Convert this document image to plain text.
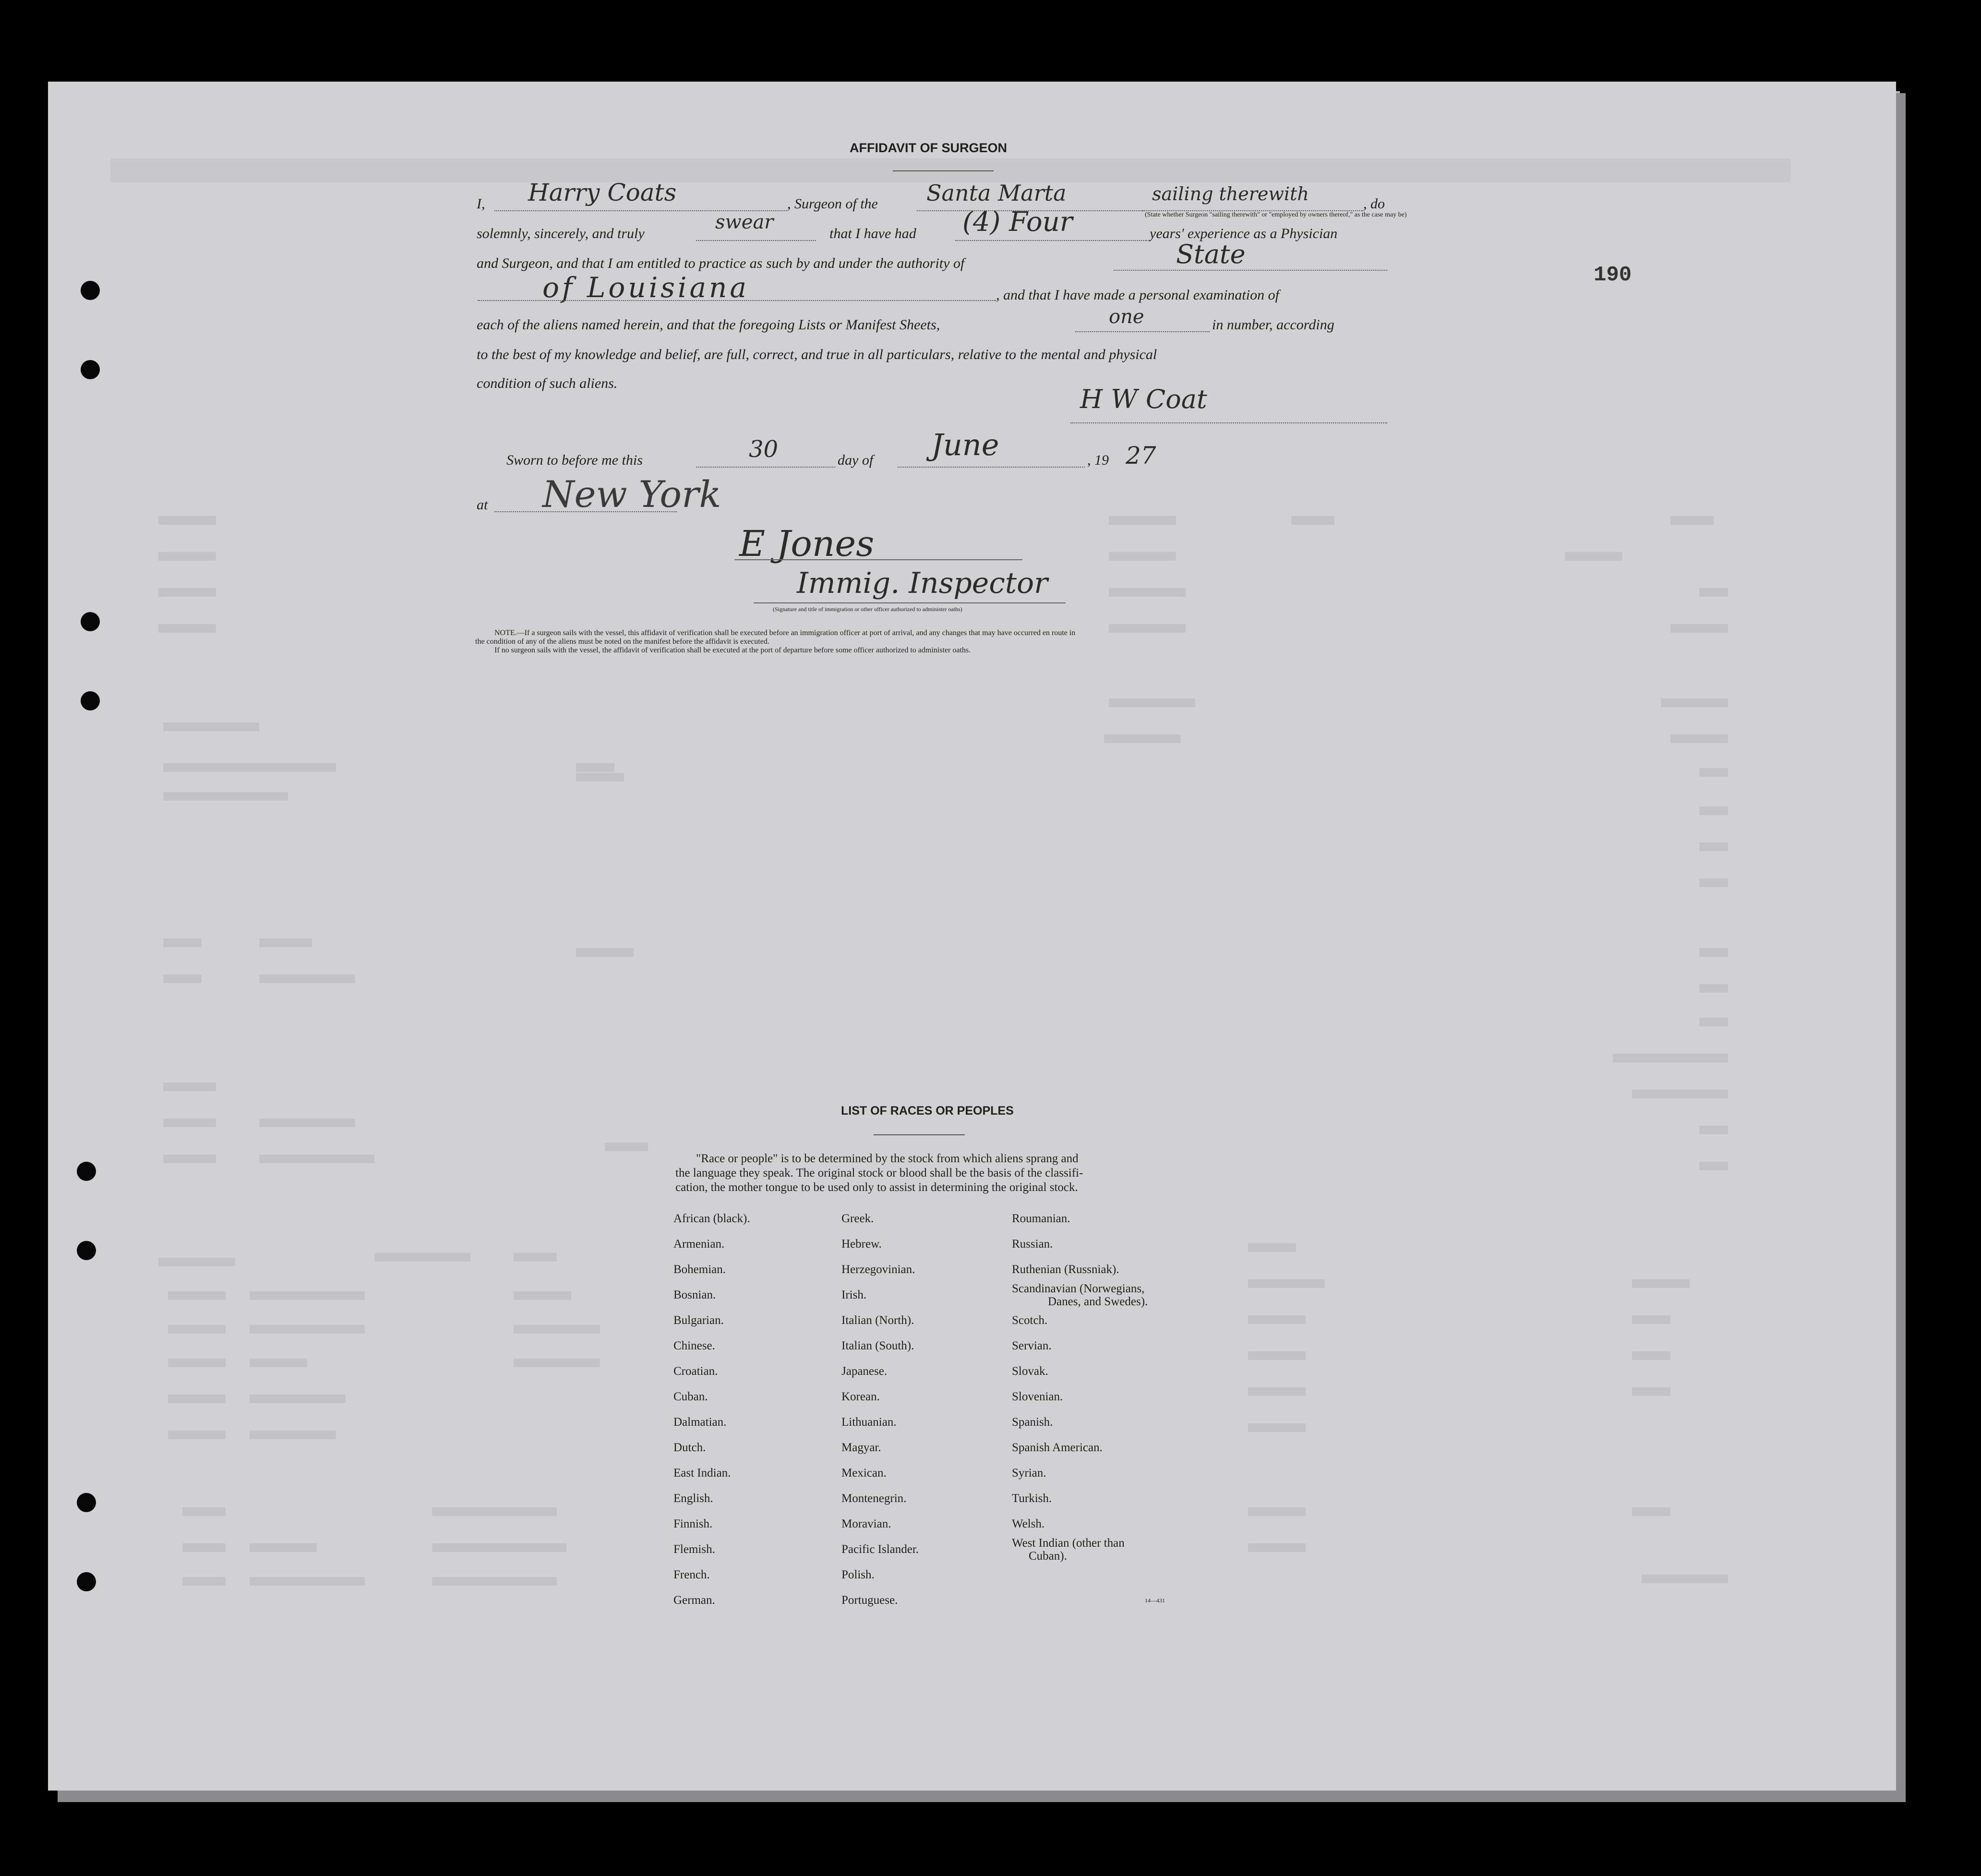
190
AFFIDAVIT OF SURGEON
I, Harry Coats	, Surgeon of the Santa Marta	sailing therewith	, do
(State whether Surgeon "sailing therewith" or "employed by owners thereof," as the case may be)
solemnly, sincerely, and truly
swear
that I have had (4) Four	years' experience as a Physician
and Surgeon, and that I am entitled to practice as such by and under the authority of	State
of Louisiana	, and that I have made a personal examination of
each of the aliens named herein, and that the foregoing Lists or Manifest Sheets,	one	in number, according
to the best of my knowledge and belief, are full, correct, and true in all particulars, relative to the mental and physical
condition of such aliens.
H W Coat
Sworn to before me this	30	day of June	, 19 27
at New York
E Jones
Immig. Inspector
(Signature and title of immigration or other officer authorized to administer oaths)
NOTE.—If a surgeon sails with the vessel, this affidavit of verification shall be executed before an immigration officer at port of arrival, and any changes that may have occurred en route in
the condition of any of the aliens must be noted on the manifest before the affidavit is executed.
If no surgeon sails with the vessel, the affidavit of verification shall be executed at the port of departure before some officer authorized to administer oaths.
LIST OF RACES OR PEOPLES
"Race or people" is to be determined by the stock from which aliens sprang and
the language they speak. The original stock or blood shall be the basis of the classifi-
cation, the mother tongue to be used only to assist in determining the original stock.
African (black).
Armenian.
Bohemian.
Bosnian.
Bulgarian.
Chinese.
Croatian.
Cuban.
Dalmatian.
Dutch.
East Indian.
English.
Finnish.
Flemish.
French.
German.
Greek.
Hebrew.
Herzegovinian.
Irish.
Italian (North).
Italian (South).
Japanese.
Korean.
Lithuanian.
Magyar.
Mexican.
Montenegrin.
Moravian.
Pacific Islander.
Polish.
Portuguese.
Roumanian.
Russian.
Ruthenian (Russniak).
Scandinavian (Norwegians,
Danes, and Swedes).
Scotch.
Servian.
Slovak.
Slovenian.
Spanish.
Spanish American.
Syrian.
Turkish.
Welsh.
West Indian (other than
Cuban).
14—431
